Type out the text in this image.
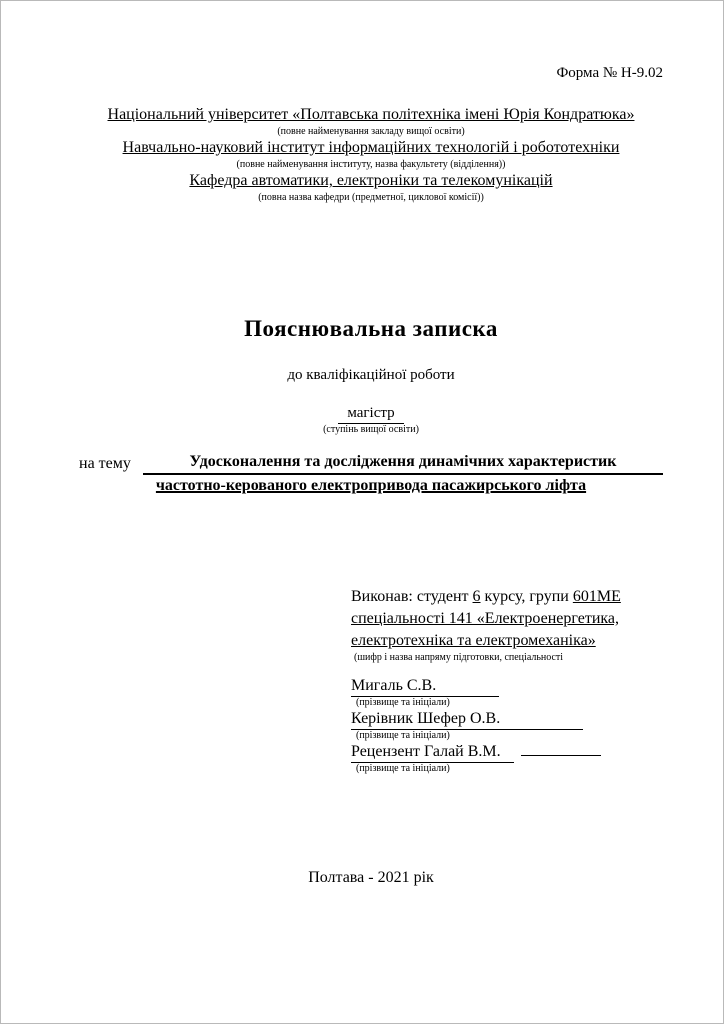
Форма № Н-9.02
Національний університет «Полтавська політехніка імені Юрія Кондратюка»
(повне найменування закладу вищої освіти)
Навчально-науковий інститут інформаційних технологій і робототехніки
(повне найменування інституту, назва факультету (відділення))
Кафедра автоматики, електроніки та телекомунікацій
(повна назва кафедри (предметної, циклової комісії))
Пояснювальна записка
до кваліфікаційної роботи
магістр
(ступінь вищої освіти)
на тему	Удосконалення та дослідження динамічних характеристик
частотно-керованого електропривода пасажирського ліфта
Виконав: студент 6 курсу, групи 601МЕ
спеціальності 141 «Електроенергетика,
електротехніка та електромеханіка»
(шифр і назва напряму підготовки, спеціальності
Мигаль С.В.
(прізвище та ініціали)
Керівник Шефер О.В.
(прізвище та ініціали)
Рецензент Галай В.М.
(прізвище та ініціали)
Полтава - 2021 рік
